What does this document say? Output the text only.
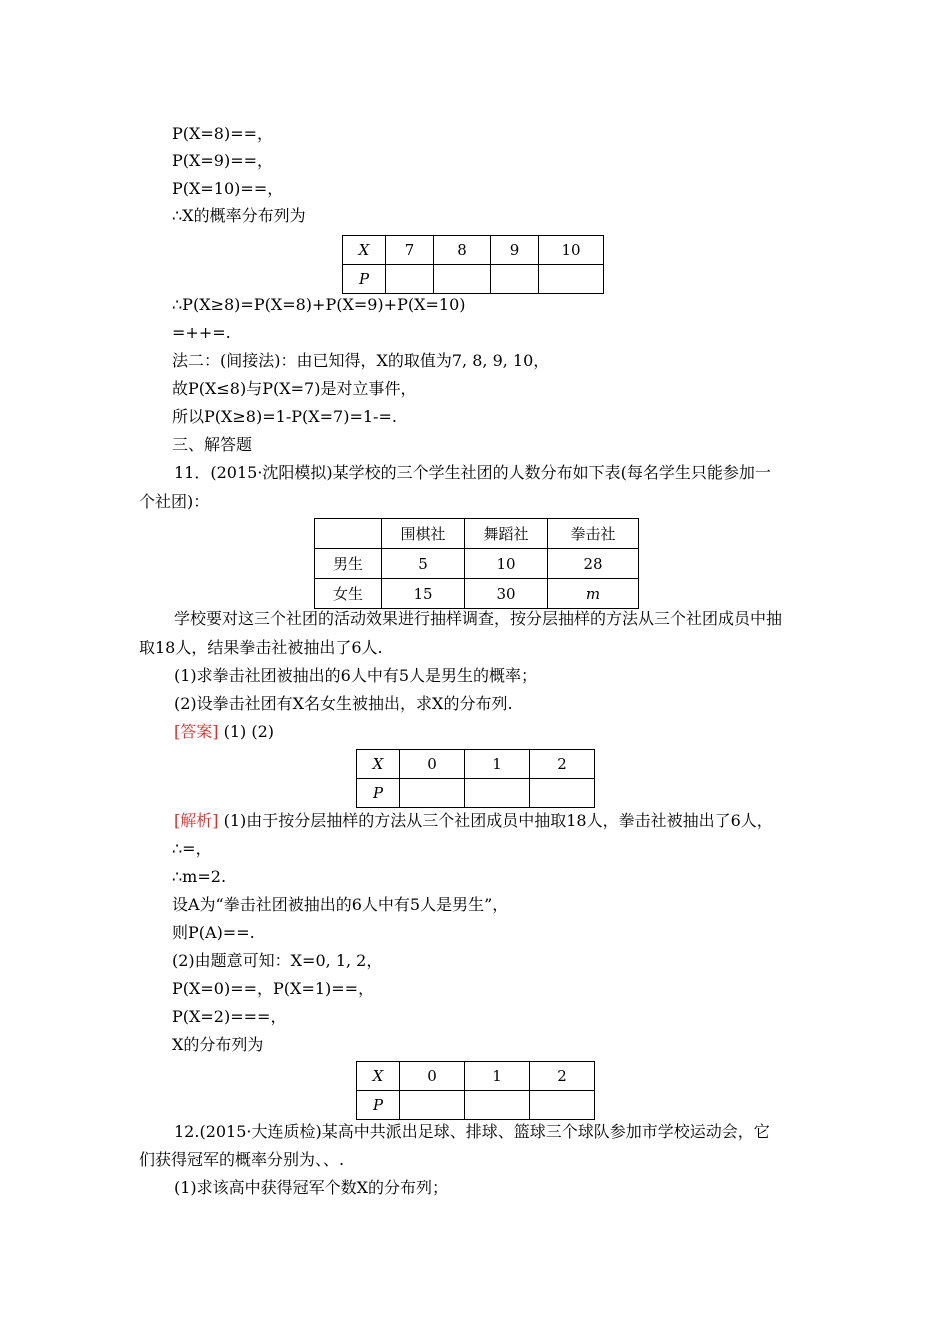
P(X=8)==，
P(X=9)==，
P(X=10)==，
∴X的概率分布列为
X	7	8	9	10
P				
∴P(X≥8)=P(X=8)+P(X=9)+P(X=10)
=++=.
法二：(间接法)：由已知得，X的取值为7, 8, 9, 10，
故P(X≤8)与P(X=7)是对立事件，
所以P(X≥8)=1-P(X=7)=1-=.
三、解答题
11．(2015·沈阳模拟)某学校的三个学生社团的人数分布如下表(每名学生只能参加一
个社团)：
	围棋社	舞蹈社	拳击社
男生	5	10	28
女生	15	30	m
学校要对这三个社团的活动效果进行抽样调查，按分层抽样的方法从三个社团成员中抽
取18人，结果拳击社被抽出了6人.
(1)求拳击社团被抽出的6人中有5人是男生的概率；
(2)设拳击社团有X名女生被抽出，求X的分布列.
[答案] (1) (2)
X	0	1	2
P			
[解析] (1)由于按分层抽样的方法从三个社团成员中抽取18人，拳击社被抽出了6人，
∴=，
∴m=2.
设A为“拳击社团被抽出的6人中有5人是男生”，
则P(A)==.
(2)由题意可知：X=0, 1, 2，
P(X=0)==，P(X=1)==，
P(X=2)===，
X的分布列为
X	0	1	2
P			
12.(2015·大连质检)某高中共派出足球、排球、篮球三个球队参加市学校运动会，它
们获得冠军的概率分别为、、.
(1)求该高中获得冠军个数X的分布列；
